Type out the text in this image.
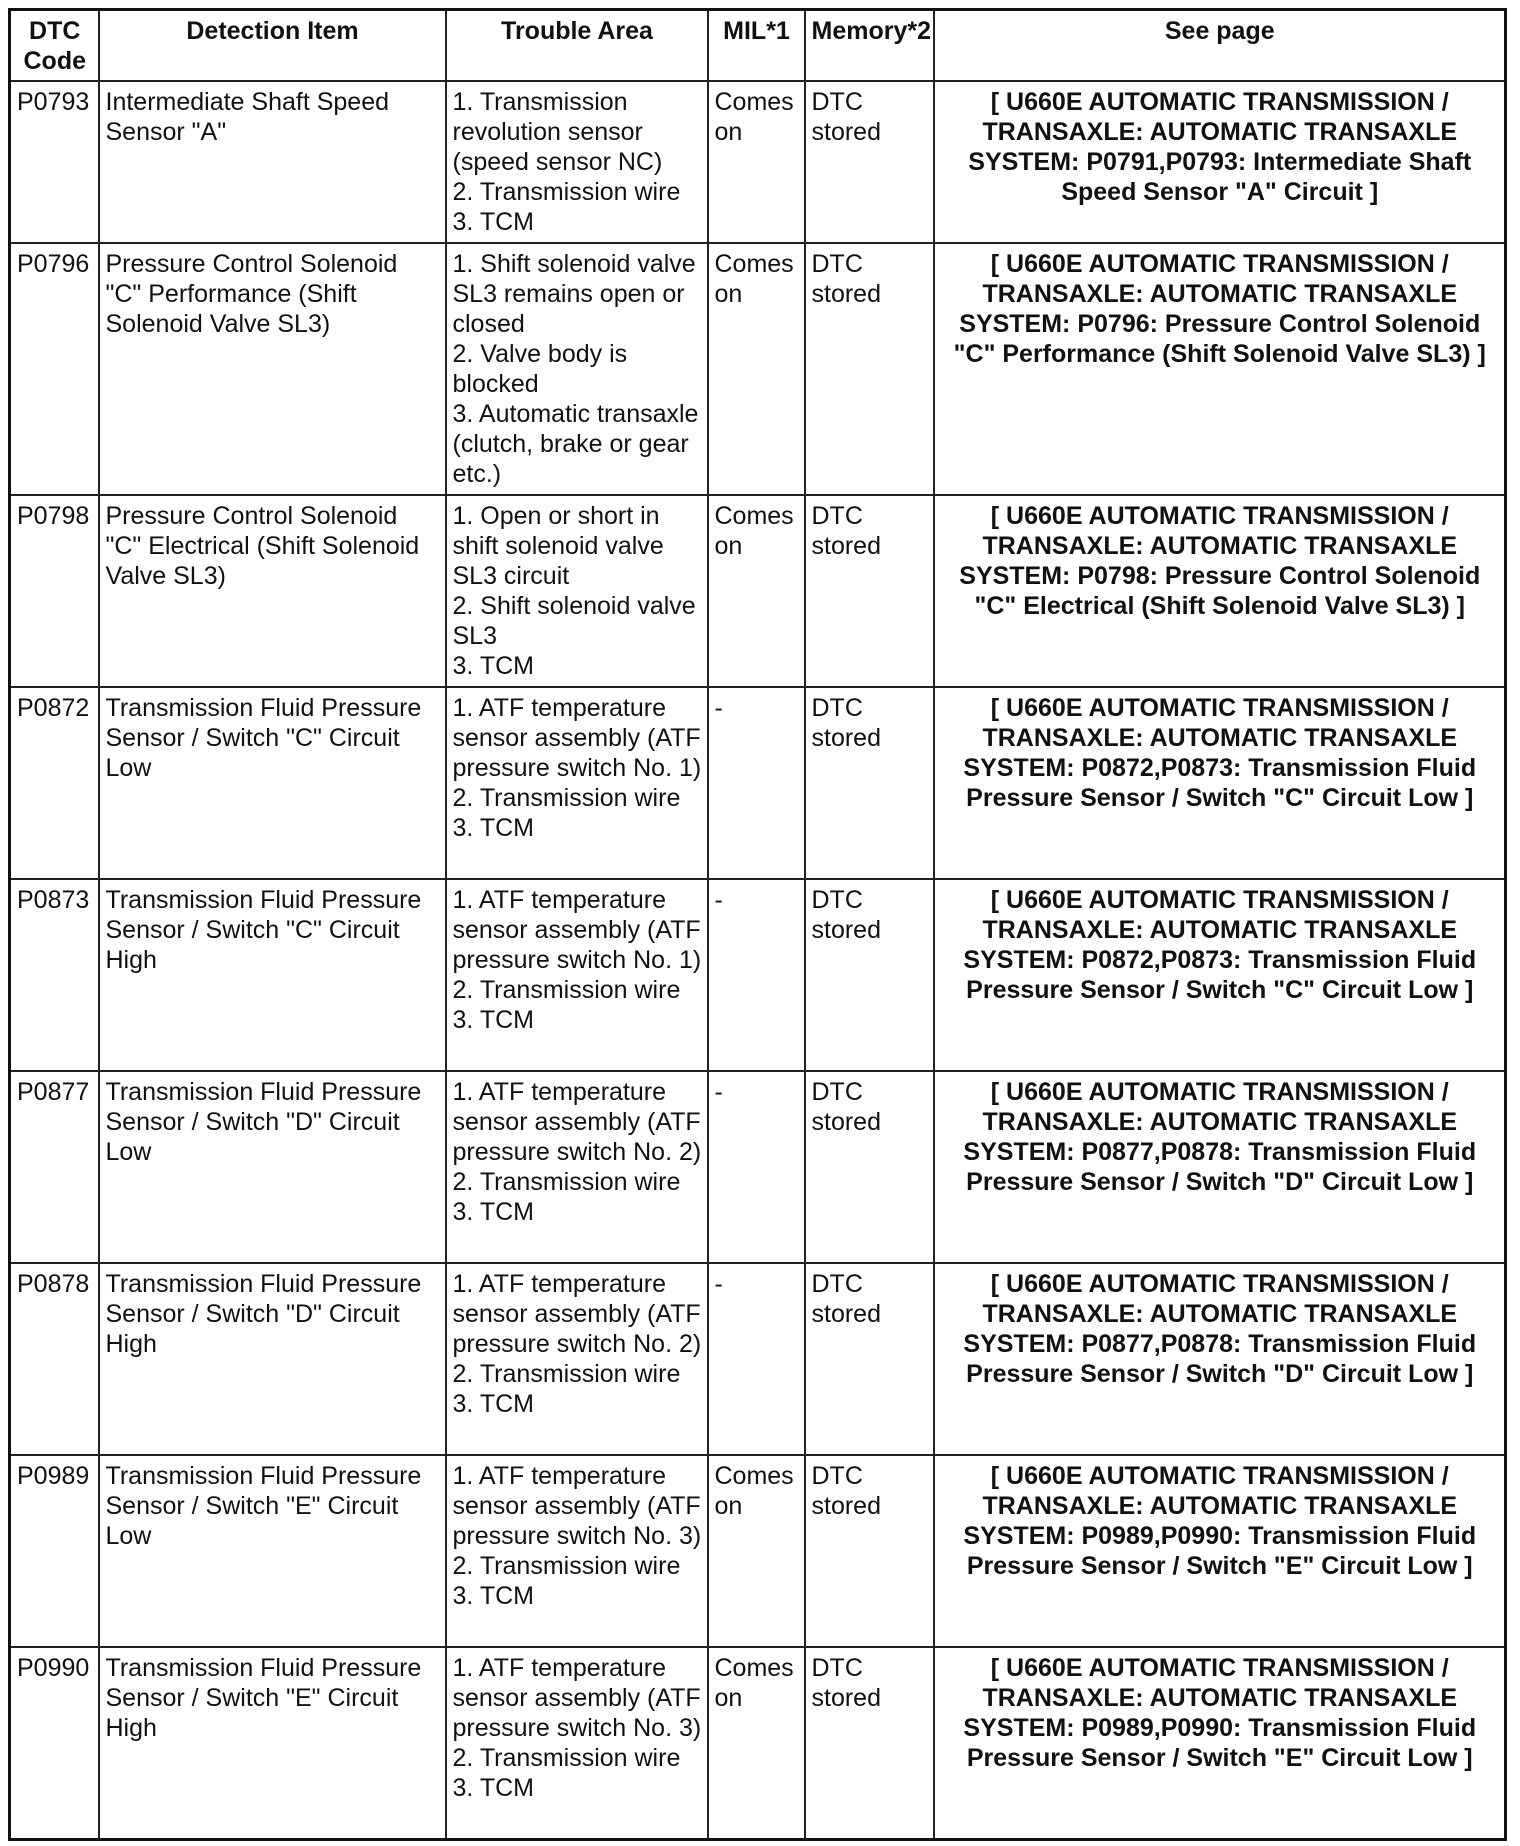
DTC
Code	Detection Item	Trouble Area	MIL*1	Memory*2	See page
P0793	Intermediate Shaft Speed Sensor "A"	1. Transmission revolution sensor (speed sensor NC)
2. Transmission wire
3. TCM	Comes on	DTC stored	[ U660E AUTOMATIC TRANSMISSION / TRANSAXLE: AUTOMATIC TRANSAXLE SYSTEM: P0791,P0793: Intermediate Shaft Speed Sensor "A" Circuit ]
P0796	Pressure Control Solenoid "C" Performance (Shift Solenoid Valve SL3)	1. Shift solenoid valve SL3 remains open or closed
2. Valve body is blocked
3. Automatic transaxle (clutch, brake or gear etc.)	Comes on	DTC stored	[ U660E AUTOMATIC TRANSMISSION / TRANSAXLE: AUTOMATIC TRANSAXLE SYSTEM: P0796: Pressure Control Solenoid "C" Performance (Shift Solenoid Valve SL3) ]
P0798	Pressure Control Solenoid "C" Electrical (Shift Solenoid Valve SL3)	1. Open or short in shift solenoid valve SL3 circuit
2. Shift solenoid valve SL3
3. TCM	Comes on	DTC stored	[ U660E AUTOMATIC TRANSMISSION / TRANSAXLE: AUTOMATIC TRANSAXLE SYSTEM: P0798: Pressure Control Solenoid "C" Electrical (Shift Solenoid Valve SL3) ]
P0872	Transmission Fluid Pressure Sensor / Switch "C" Circuit Low	1. ATF temperature sensor assembly (ATF pressure switch No. 1)
2. Transmission wire
3. TCM	-	DTC stored	[ U660E AUTOMATIC TRANSMISSION / TRANSAXLE: AUTOMATIC TRANSAXLE SYSTEM: P0872,P0873: Transmission Fluid Pressure Sensor / Switch "C" Circuit Low ]
P0873	Transmission Fluid Pressure Sensor / Switch "C" Circuit High	1. ATF temperature sensor assembly (ATF pressure switch No. 1)
2. Transmission wire
3. TCM	-	DTC stored	[ U660E AUTOMATIC TRANSMISSION / TRANSAXLE: AUTOMATIC TRANSAXLE SYSTEM: P0872,P0873: Transmission Fluid Pressure Sensor / Switch "C" Circuit Low ]
P0877	Transmission Fluid Pressure Sensor / Switch "D" Circuit Low	1. ATF temperature sensor assembly (ATF pressure switch No. 2)
2. Transmission wire
3. TCM	-	DTC stored	[ U660E AUTOMATIC TRANSMISSION / TRANSAXLE: AUTOMATIC TRANSAXLE SYSTEM: P0877,P0878: Transmission Fluid Pressure Sensor / Switch "D" Circuit Low ]
P0878	Transmission Fluid Pressure Sensor / Switch "D" Circuit High	1. ATF temperature sensor assembly (ATF pressure switch No. 2)
2. Transmission wire
3. TCM	-	DTC stored	[ U660E AUTOMATIC TRANSMISSION / TRANSAXLE: AUTOMATIC TRANSAXLE SYSTEM: P0877,P0878: Transmission Fluid Pressure Sensor / Switch "D" Circuit Low ]
P0989	Transmission Fluid Pressure Sensor / Switch "E" Circuit Low	1. ATF temperature sensor assembly (ATF pressure switch No. 3)
2. Transmission wire
3. TCM	Comes on	DTC stored	[ U660E AUTOMATIC TRANSMISSION / TRANSAXLE: AUTOMATIC TRANSAXLE SYSTEM: P0989,P0990: Transmission Fluid Pressure Sensor / Switch "E" Circuit Low ]
P0990	Transmission Fluid Pressure Sensor / Switch "E" Circuit High	1. ATF temperature sensor assembly (ATF pressure switch No. 3)
2. Transmission wire
3. TCM	Comes on	DTC stored	[ U660E AUTOMATIC TRANSMISSION / TRANSAXLE: AUTOMATIC TRANSAXLE SYSTEM: P0989,P0990: Transmission Fluid Pressure Sensor / Switch "E" Circuit Low ]
